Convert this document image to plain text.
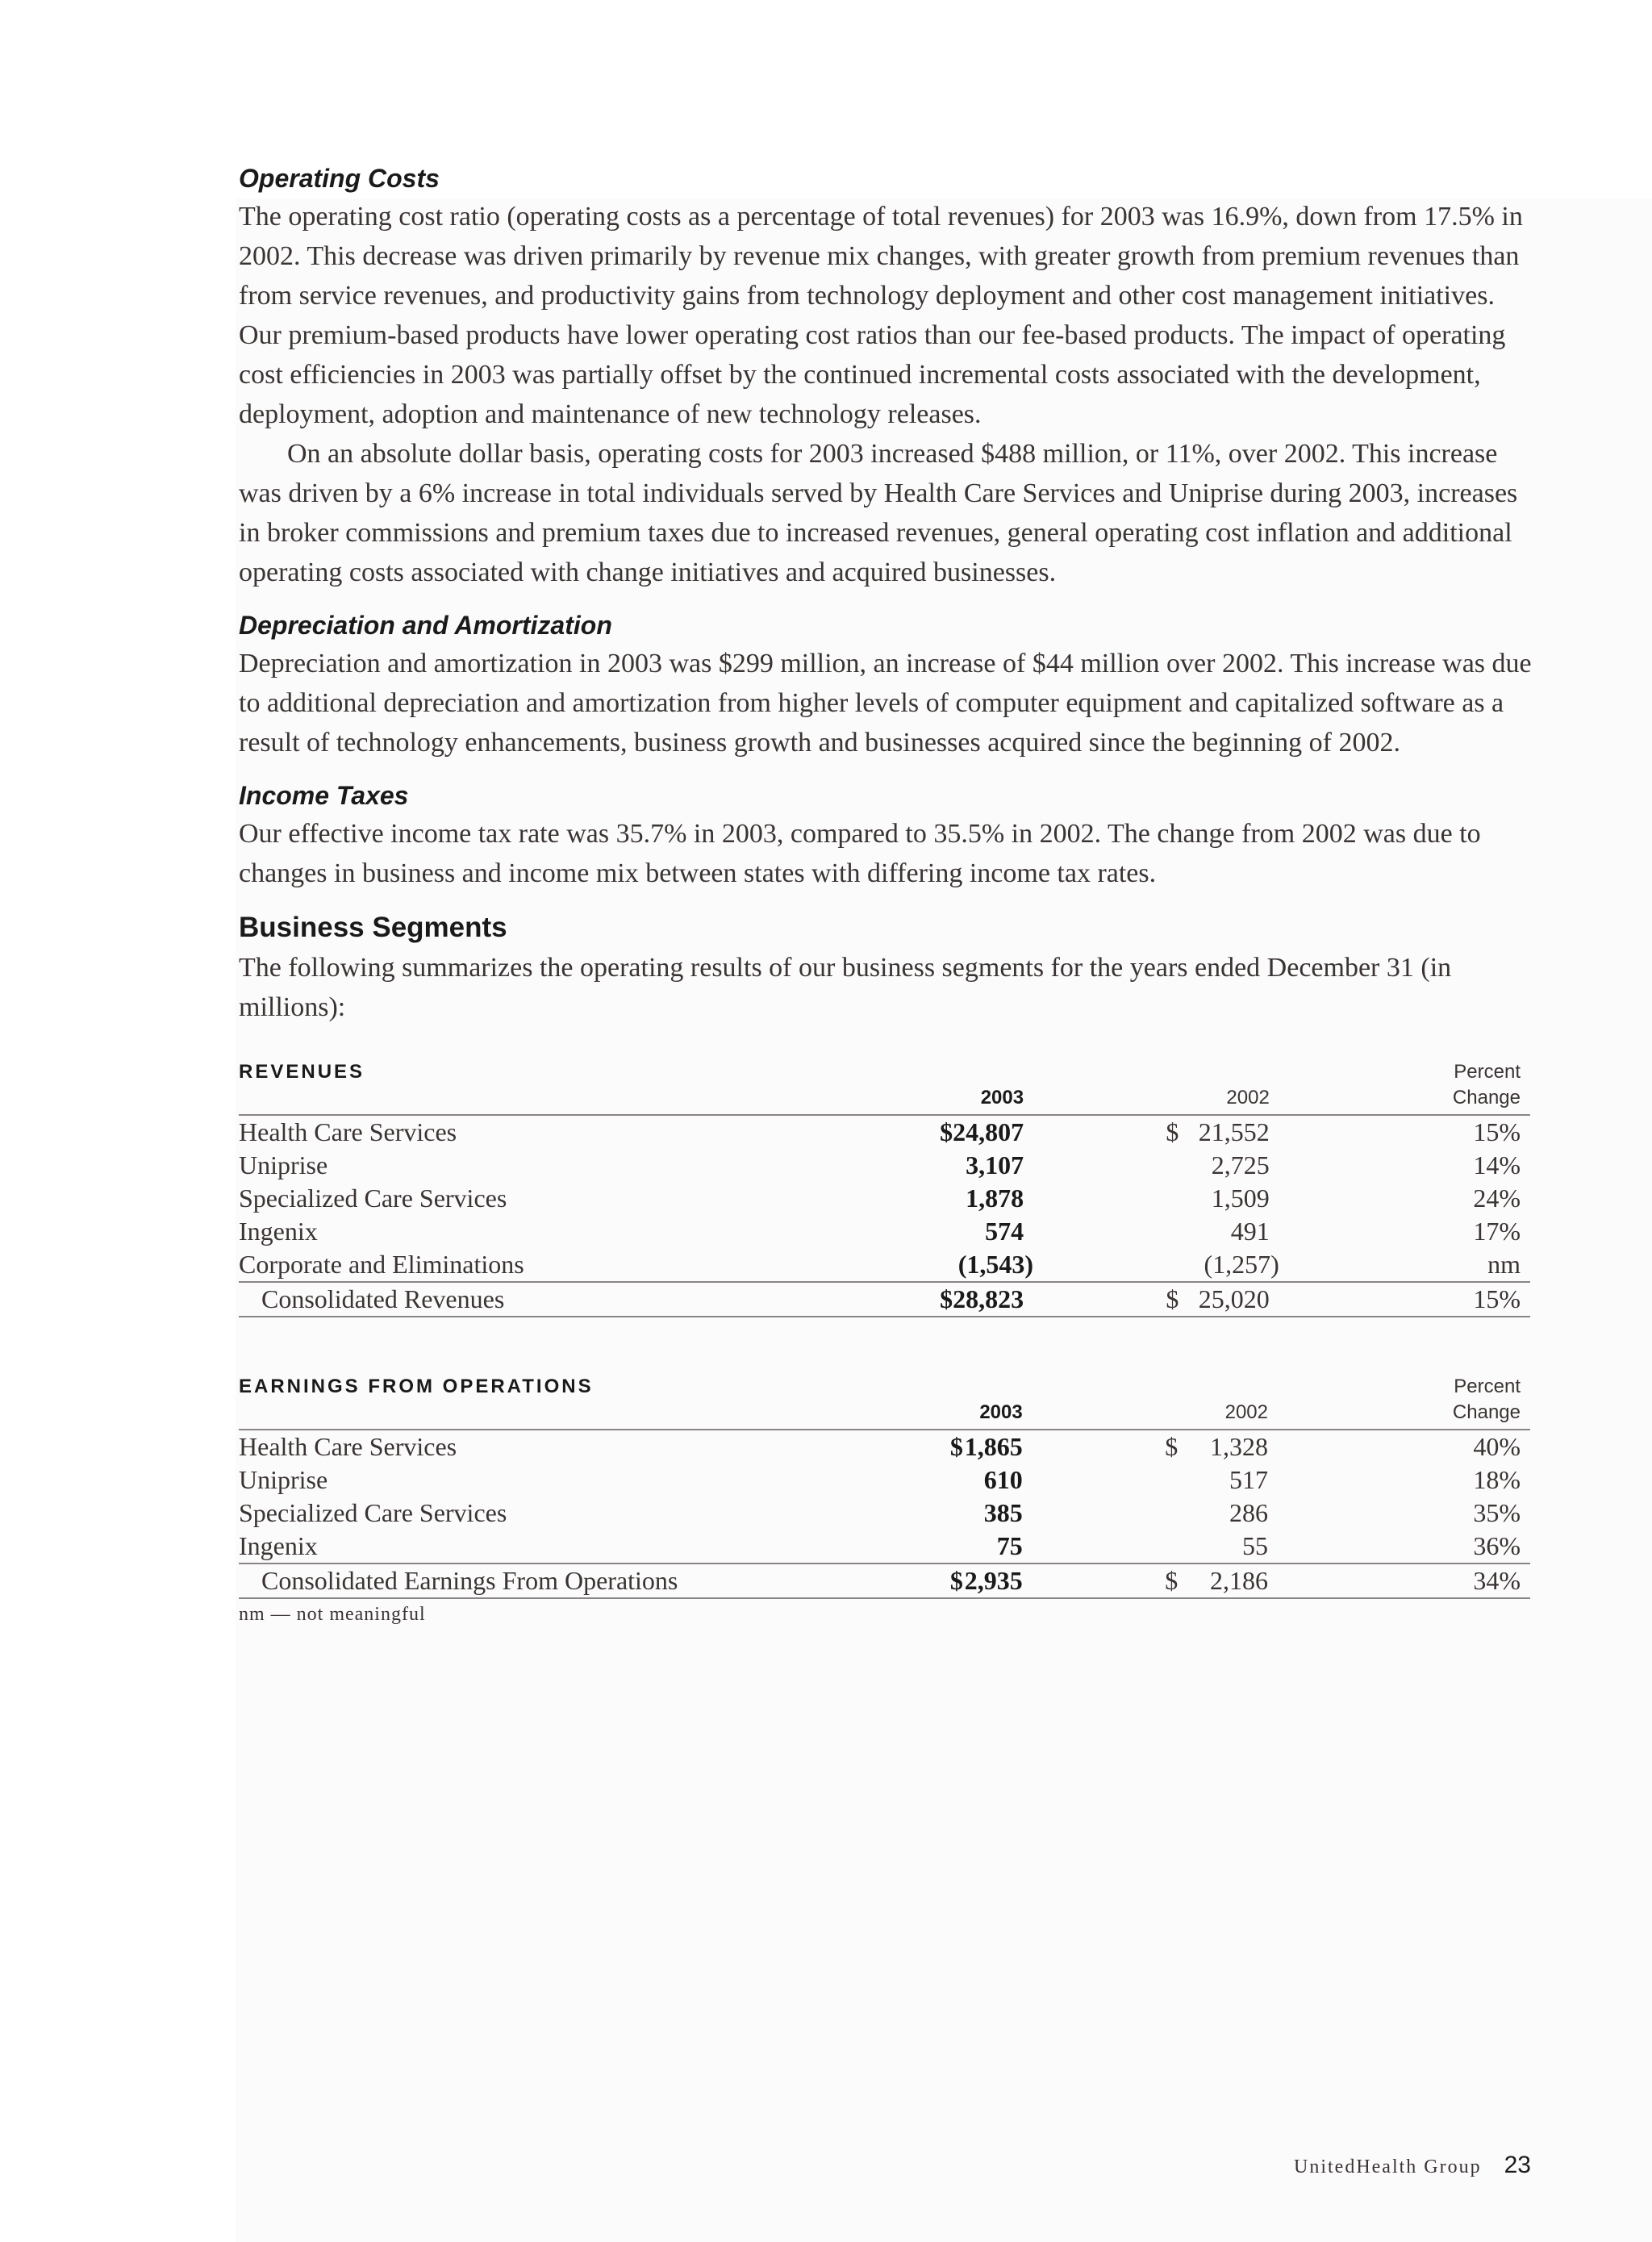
Operating Costs

The operating cost ratio (operating costs as a percentage of total revenues) for 2003 was 16.9%, down from 17.5% in 2002. This decrease was driven primarily by revenue mix changes, with greater growth from premium revenues than from service revenues, and productivity gains from technology deployment and other cost management initiatives. Our premium-based products have lower operating cost ratios than our fee-based products. The impact of operating cost efficiencies in 2003 was partially offset by the continued incremental costs associated with the development, deployment, adoption and maintenance of new technology releases.

On an absolute dollar basis, operating costs for 2003 increased $488 million, or 11%, over 2002. This increase was driven by a 6% increase in total individuals served by Health Care Services and Uniprise during 2003, increases in broker commissions and premium taxes due to increased revenues, general operating cost inflation and additional operating costs associated with change initiatives and acquired businesses.

Depreciation and Amortization

Depreciation and amortization in 2003 was $299 million, an increase of $44 million over 2002. This increase was due to additional depreciation and amortization from higher levels of computer equipment and capitalized software as a result of technology enhancements, business growth and businesses acquired since the beginning of 2002.

Income Taxes

Our effective income tax rate was 35.7% in 2003, compared to 35.5% in 2002. The change from 2002 was due to changes in business and income mix between states with differing income tax rates.

Business Segments

The following summarizes the operating results of our business segments for the years ended December 31 (in millions):

REVENUES	2003		2002	Percent
Change

Health Care Services	$ 24,807		$ 21,552	15%
Uniprise	3,107		2,725	14%
Specialized Care Services	1,878		1,509	24%
Ingenix	574		491	17%
Corporate and Eliminations	(1,543)		(1,257)	nm
Consolidated Revenues	$ 28,823		$ 25,020	15%
EARNINGS FROM OPERATIONS	2003		2002	Percent
Change

Health Care Services	$ 1,865		$ 1,328	40%
Uniprise	610		517	18%
Specialized Care Services	385		286	35%
Ingenix	75		55	36%
Consolidated Earnings From Operations	$ 2,935		$ 2,186	34%
nm — not meaningful
UnitedHealth Group 23
